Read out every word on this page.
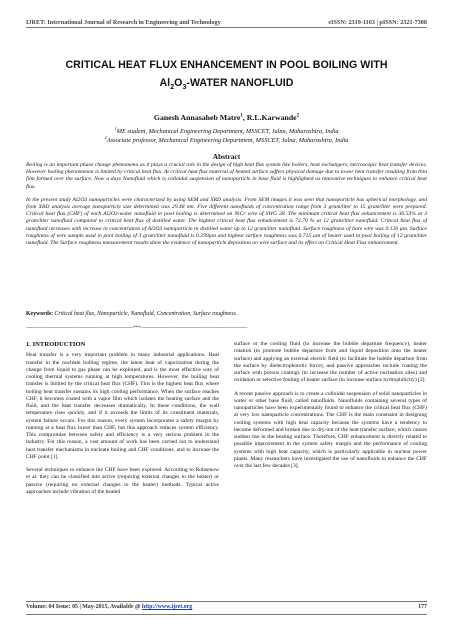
IJRET: International Journal of Research in Engineering and Technology	eISSN: 2319-1163 | pISSN: 2321-7308
CRITICAL HEAT FLUX ENHANCEMENT IN POOL BOILING WITH
$Al_2O_3$-WATER NANOFLUID
Ganesh Annasaheb Matre$^1$, R.L.Karwande$^2$
$^1$ME student, Mechanical Engineering Department, MSSCET, Jalna, Maharashtra, India
$^2$Associate professor, Mechanical Engineering Department, MSSCET, Jalna, Maharashtra, India
Abstract

Boiling is an important phase change phenomena as it plays a crucial role in the design of high heat flux system like boilers, heat exchangers, microscopic heat transfer devices. However boiling phenomenon is limited by critical heat flux. At critical heat flux material of heated surface suffers physical damage due to lower heat transfer resulting from thin film formed over the surface. Now a days Nanofluid which is colloidal suspension of nanoparticle in base fluid is highlighted as innovative techniques to enhance critical heat flux.

In the present study Al2O3 nanoparticles were characterized by using SEM and XRD analysis. From SEM images it was seen that nanoparticle has spherical morphology, and from XRD analysis average nanoparticle size determined was 29.48 nm. Five different nanofluids of concentration range from 3 gram/liter to 15 gram/liter were prepared. Critical heat flux (CHF) of each Al2O3-water nanofluid in pool boiling is determined on NiCr wire of SWG 28. The minimum critical heat flux enhancement is 30.53% at 3 gram/liter nanofluid compared to critical heat flux of distilled water. The highest critical heat flux enhancement is 72.70 % at 12 gram/liter nanofluid. Critical heat flux of nanofluid increases with increase in concentration of Al2O3 nanoparticle in distilled water up to 12 gram/liter nanofluid. Surface roughness of bare wire was 0.126 µm. Surface roughness of wire sample used in pool boiling of 3 gram/liter nanofluid is 0.299µm and highest surface roughness was 0.715 µm of heater used in pool boiling of 12 gram/liter nanofluid. The Surface roughness measurement results show the evidence of nanoparticle deposition on wire surface and its effect on Critical Heat Flux enhancement.

Keywords: Critical heat flux, Nanoparticle, Nanofluid, Concentration, Surface roughness.
-------------------------------------------------------------------***-------------------------------------------------------------------
1. INTRODUCTION

Heat transfer is a very important problem in many industrial applications. Heat transfer in the nucleate boiling regime, the latent heat of vaporization during the change from liquid to gas phase can be exploited, and is the most effective way of cooling thermal systems running at high temperatures. However, the boiling heat transfer is limited by the critical heat flux (CHF). This is the highest heat flux where boiling heat transfer sustains its high cooling performance. When the surface reaches CHF, it becomes coated with a vapor film which isolates the heating surface and the fluid, and the heat transfer decreases dramatically. In these conditions, the wall temperature rises quickly, and if it exceeds the limits of its constituent materials, system failure occurs. For this reason, every system incorporates a safety margin by running at a heat flux lower than CHF, but this approach reduces system efficiency. This compromise between safety and efficiency is a very serious problem in the industry. For this reason, a vast amount of work has been carried out to understand heat transfer mechanisms in nucleate boiling and CHF conditions, and to increase the CHF point [1].

Several techniques to enhance the CHF have been explored. According to Rohsenow et al. they can be classified into active (requiring external changes to the heater) or passive (requiring no external changes to the heater) methods. Typical active approaches include vibration of the heated

surface or the cooling fluid (to increase the bubble departure frequency), heater rotation (to promote bubble departure from and liquid deposition onto the heater surface) and applying an external electric field (to facilitate the bubble departure from the surface by dielectrophoretic force), and passive approaches include coating the surface with porous coatings (to increase the number of active nucleation sites) and oxidation or selective fouling of heater surface (to increase surface hydrophilicity) [2].

A recent passive approach is to create a colloidal suspension of solid nanoparticles in water or other base fluid, called nanofluids. Nanofluids containing several types of nanoparticles have been experimentally found to enhance the critical heat flux (CHF) at very low nanoparticle concentrations. The CHF is the main constraint in designing cooling systems with high heat capacity because the systems have a tendency to become deformed and broken due to dry-out of the heat transfer surface, which causes sudden rise in the heating surface. Therefore, CHF enhancement is directly related to possible improvement in the system safety margin and the performance of cooling systems with high heat capacity, which is particularly applicable in nuclear power plants. Many researchers have investigated the use of nanofluids to enhance the CHF over the last few decades [3].

Volume: 04 Issue: 05 | May-2015, Available @ http://www.ijret.org	177
